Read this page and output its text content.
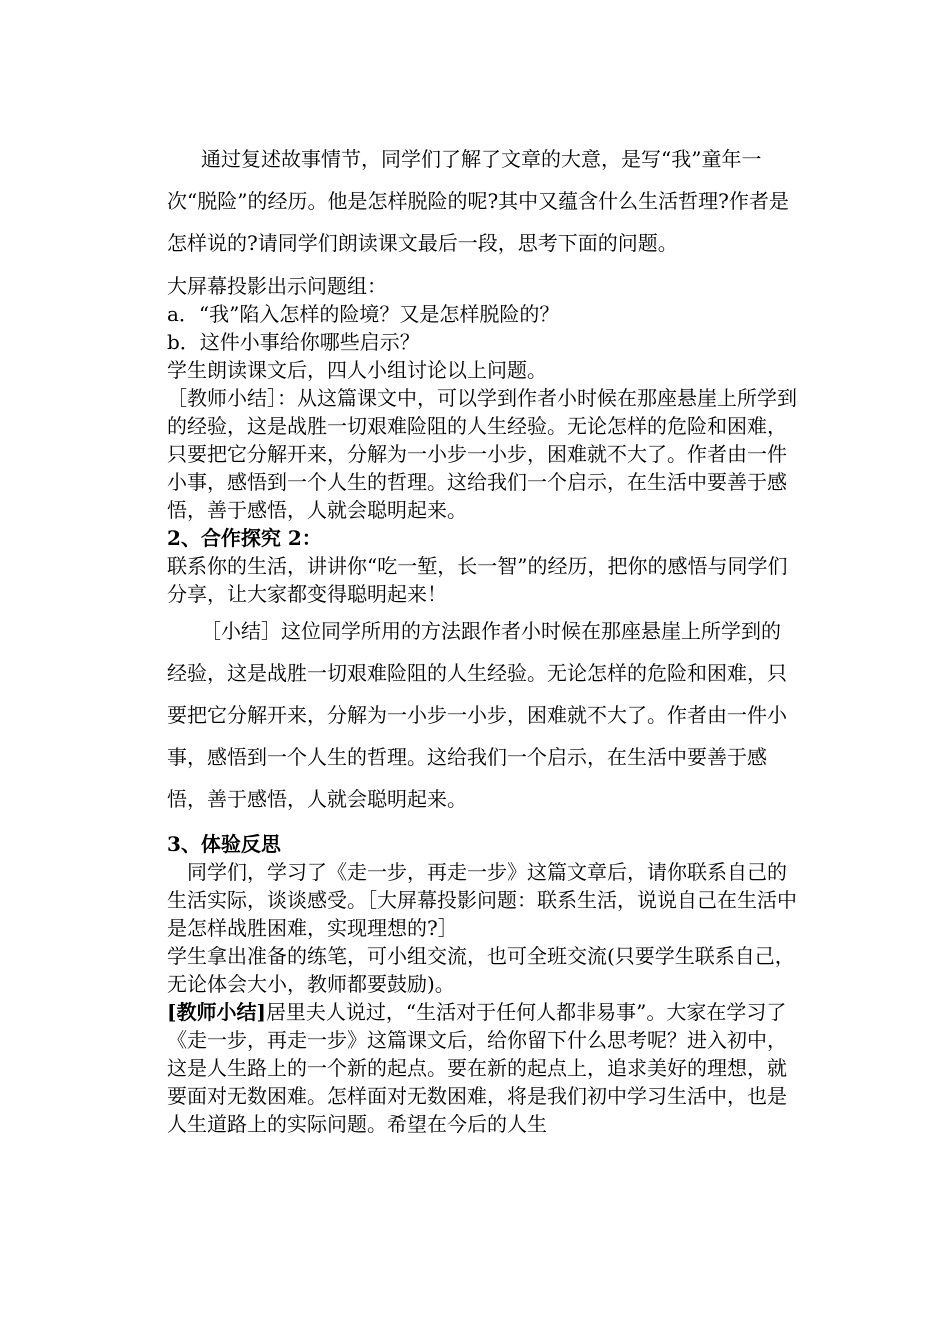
通过复述故事情节，同学们了解了文章的大意，是写“我”童年一次“脱险”的经历。他是怎样脱险的呢?其中又蕴含什么生活哲理?作者是怎样说的?请同学们朗读课文最后一段，思考下面的问题。

大屏幕投影出示问题组：

a．“我”陷入怎样的险境？又是怎样脱险的？

b．这件小事给你哪些启示？

学生朗读课文后，四人小组讨论以上问题。

［教师小结］：从这篇课文中，可以学到作者小时候在那座悬崖上所学到的经验，这是战胜一切艰难险阻的人生经验。无论怎样的危险和困难，只要把它分解开来，分解为一小步一小步，困难就不大了。作者由一件小事，感悟到一个人生的哲理。这给我们一个启示，在生活中要善于感悟，善于感悟，人就会聪明起来。

2、合作探究 2：

联系你的生活，讲讲你“吃一堑，长一智”的经历，把你的感悟与同学们分享，让大家都变得聪明起来！

［小结］这位同学所用的方法跟作者小时候在那座悬崖上所学到的经验，这是战胜一切艰难险阻的人生经验。无论怎样的危险和困难，只要把它分解开来，分解为一小步一小步，困难就不大了。作者由一件小事，感悟到一个人生的哲理。这给我们一个启示，在生活中要善于感悟，善于感悟，人就会聪明起来。

3、体验反思

同学们，学习了《走一步，再走一步》这篇文章后，请你联系自己的生活实际，谈谈感受。［大屏幕投影问题：联系生活，说说自己在生活中是怎样战胜困难，实现理想的?］

学生拿出准备的练笔，可小组交流，也可全班交流(只要学生联系自己，无论体会大小，教师都要鼓励)。

[教师小结]居里夫人说过，“生活对于任何人都非易事”。大家在学习了《走一步，再走一步》这篇课文后，给你留下什么思考呢？进入初中，这是人生路上的一个新的起点。要在新的起点上，追求美好的理想，就要面对无数困难。怎样面对无数困难，将是我们初中学习生活中，也是人生道路上的实际问题。希望在今后的人生
